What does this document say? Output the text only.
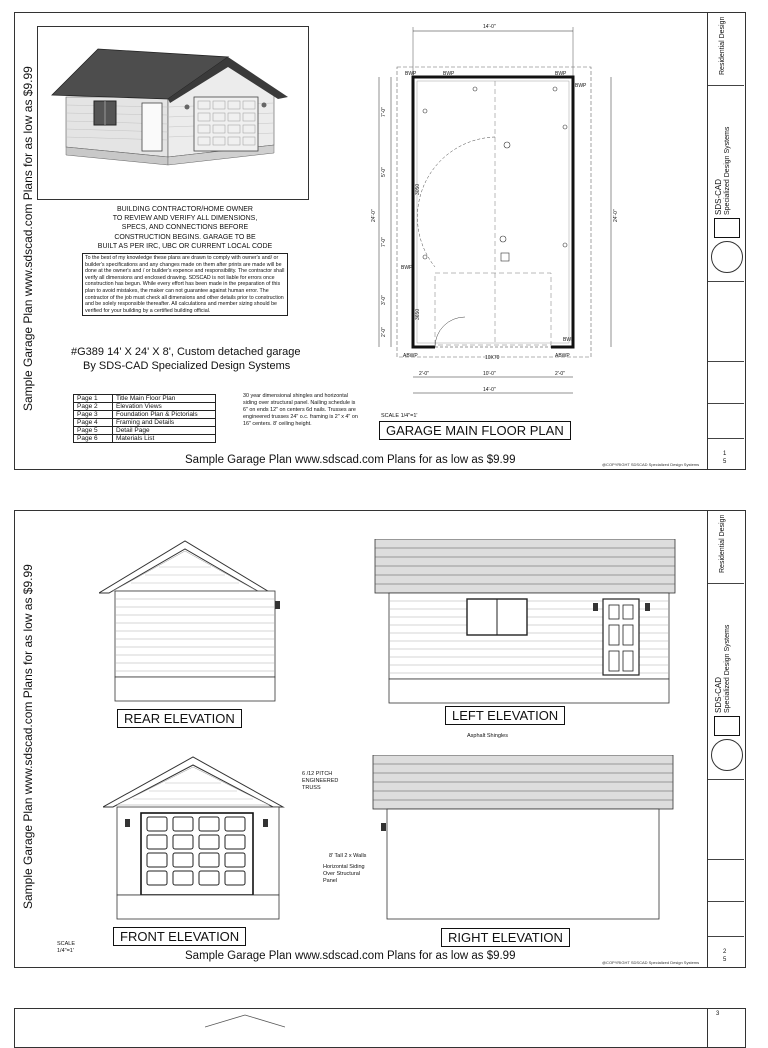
Sample Garage Plan www.sdscad.com Plans for as low as $9.99	BUILDING CONTRACTOR/HOME OWNER
TO REVIEW AND VERIFY ALL DIMENSIONS,
SPECS, AND CONNECTIONS BEFORE
CONSTRUCTION BEGINS. GARAGE TO BE
BUILT AS PER IRC, UBC OR CURRENT LOCAL CODE
To the best of my knowledge these plans are drawn to comply with owner's and/ or builder's specifications and any changes made on them after prints are made will be done at the owner's and / or builder's expence and responsibility. The contractor shall verify all dimensions and enclosed drawing. SDSCAD is not liable for errors once construction has begun. While every effort has been made in the preparation of this plan to avoid mistakes, the maker can not guarantee against human error. The contractor of the job must check all dimensions and other details prior to construction and be solely responsible thereafter. All calculations and member sizing should be verified for your building by a certified building official.
#G389 14' X 24' X 8', Custom detached garage
By SDS-CAD Specialized Design Systems
Page 1	Title Main Floor Plan
Page 2	Elevation Views
Page 3	Foundation Plan & Pictorials
Page 4	Framing and Details
Page 5	Detail Page
Page 6	Materials List
30 year dimensional shingles and horizontal siding over structural panel. Nailing schedule is 6" on ends 12" on centers 6d nails. Trusses are engineered trusses 24" o.c. framing is 2" x 4" on 16" centers. 8' ceiling height.
14'-0"
7'-0"
5'-0"
7'-0"
3'-0"
2'-0"
24'-0"	24'-0"
2'-0"	10'-0"	2'-0"
14'-0"
10X70
BWP	BWP	BWP
BWP
BWP
BWP
ABWP	ABWP
3050
3650
SCALE 1/4"=1'
GARAGE MAIN FLOOR PLAN
Sample Garage Plan www.sdscad.com Plans for as low as $9.99	@COPYRIGHT SDSCAD Specialized Design Systems
Residential Design
SDS-CAD Specialized Design Systems
1
5
Sample Garage Plan www.sdscad.com Plans for as low as $9.99	REAR ELEVATION	LEFT ELEVATION
Asphalt Shingles
FRONT ELEVATION
6 /12 PITCH
ENGINEERED
TRUSS
8' Tall 2 x Walls
Horizontal Siding
Over Structural
Panel
RIGHT ELEVATION
SCALE
1/4"=1'	Sample Garage Plan www.sdscad.com Plans for as low as $9.99
@COPYRIGHT SDSCAD Specialized Design Systems
Residential Design
SDS-CAD Specialized Design Systems
2
5
3
